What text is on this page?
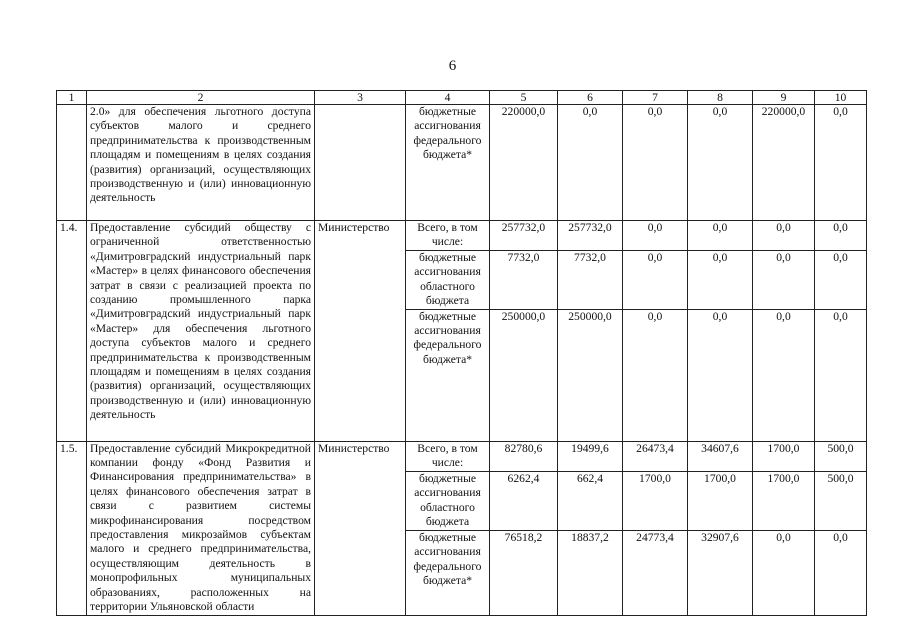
6
1	2	3	4	5	6	7	8	9	10
	2.0» для обеспечения льготного доступа субъектов малого и среднего предпринимательства к производственным площадям и помещениям в целях создания (развития) организаций, осуществляющих производственную и (или) инновационную деятельность		бюджетные ассигнования федерального бюджета*	220000,0	0,0	0,0	0,0	220000,0	0,0
1.4.	Предоставление субсидий обществу с ограниченной ответственностью «Димитровградский индустриальный парк «Мастер» в целях финансового обеспечения затрат в связи с реализацией проекта по созданию промышленного парка «Димитровградский индустриальный парк «Мастер» для обеспечения льготного доступа субъектов малого и среднего предпринимательства к производственным площадям и помещениям в целях создания (развития) организаций, осуществляющих производственную и (или) инновационную деятельность	Министерство	Всего, в том числе:	257732,0	257732,0	0,0	0,0	0,0	0,0
			бюджетные ассигнования областного бюджета	7732,0	7732,0	0,0	0,0	0,0	0,0
			бюджетные ассигнования федерального бюджета*	250000,0	250000,0	0,0	0,0	0,0	0,0
1.5.	Предоставление субсидий Микрокредитной компании фонду «Фонд Развития и Финансирования предпринимательства» в целях финансового обеспечения затрат в связи с развитием системы микрофинансирования посредством предоставления микрозаймов субъектам малого и среднего предпринимательства, осуществляющим деятельность в монопрофильных муниципальных образованиях, расположенных на территории Ульяновской области	Министерство	Всего, в том числе:	82780,6	19499,6	26473,4	34607,6	1700,0	500,0
			бюджетные ассигнования областного бюджета	6262,4	662,4	1700,0	1700,0	1700,0	500,0
			бюджетные ассигнования федерального бюджета*	76518,2	18837,2	24773,4	32907,6	0,0	0,0
